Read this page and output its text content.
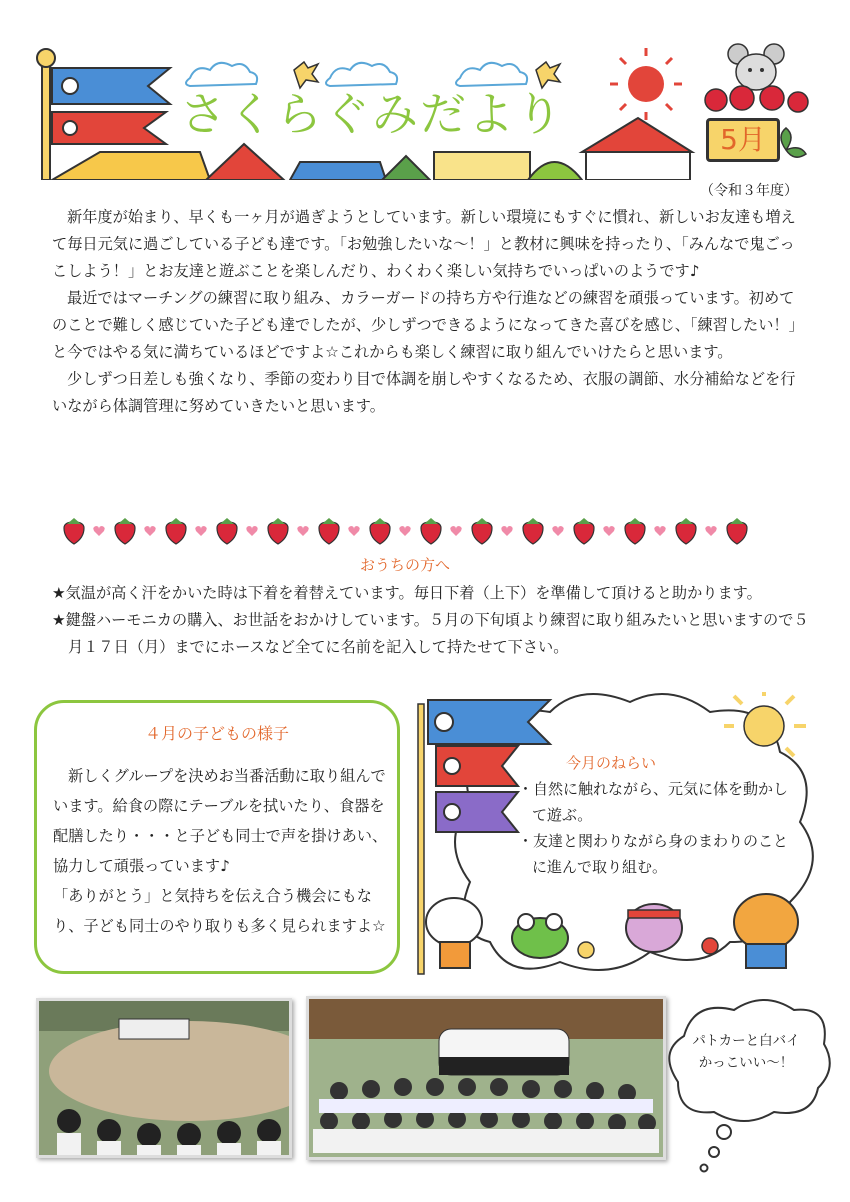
さくらぐみだより	5月
（令和３年度）

新年度が始まり、早くも一ヶ月が過ぎようとしています。新しい環境にもすぐに慣れ、新しいお友達も増えて毎日元気に過ごしている子ども達です。「お勉強したいな～！」と教材に興味を持ったり、「みんなで鬼ごっこしよう！」とお友達と遊ぶことを楽しんだり、わくわく楽しい気持ちでいっぱいのようです♪

最近ではマーチングの練習に取り組み、カラーガードの持ち方や行進などの練習を頑張っています。初めてのことで難しく感じていた子ども達でしたが、少しずつできるようになってきた喜びを感じ、「練習したい！」と今ではやる気に満ちているほどですよ☆これからも楽しく練習に取り組んでいけたらと思います。

少しずつ日差しも強くなり、季節の変わり目で体調を崩しやすくなるため、衣服の調節、水分補給などを行いながら体調管理に努めていきたいと思います。

おうちの方へ

★気温が高く汗をかいた時は下着を着替えています。毎日下着（上下）を準備して頂けると助かります。

★鍵盤ハーモニカの購入、お世話をおかけしています。５月の下旬頃より練習に取り組みたいと思いますので５月１７日（月）までにホースなど全てに名前を記入して持たせて下さい。

４月の子どもの様子

新しくグループを決めお当番活動に取り組んでいます。給食の際にテーブルを拭いたり、食器を配膳したり・・・と子ども同士で声を掛けあい、協力して頑張っています♪

「ありがとう」と気持ちを伝え合う機会にもなり、子ども同士のやり取りも多く見られますよ☆

今月のねらい

・自然に触れながら、元気に体を動かして遊ぶ。

・友達と関わりながら身のまわりのことに進んで取り組む。

パトカーと白バイ
かっこいい～！
